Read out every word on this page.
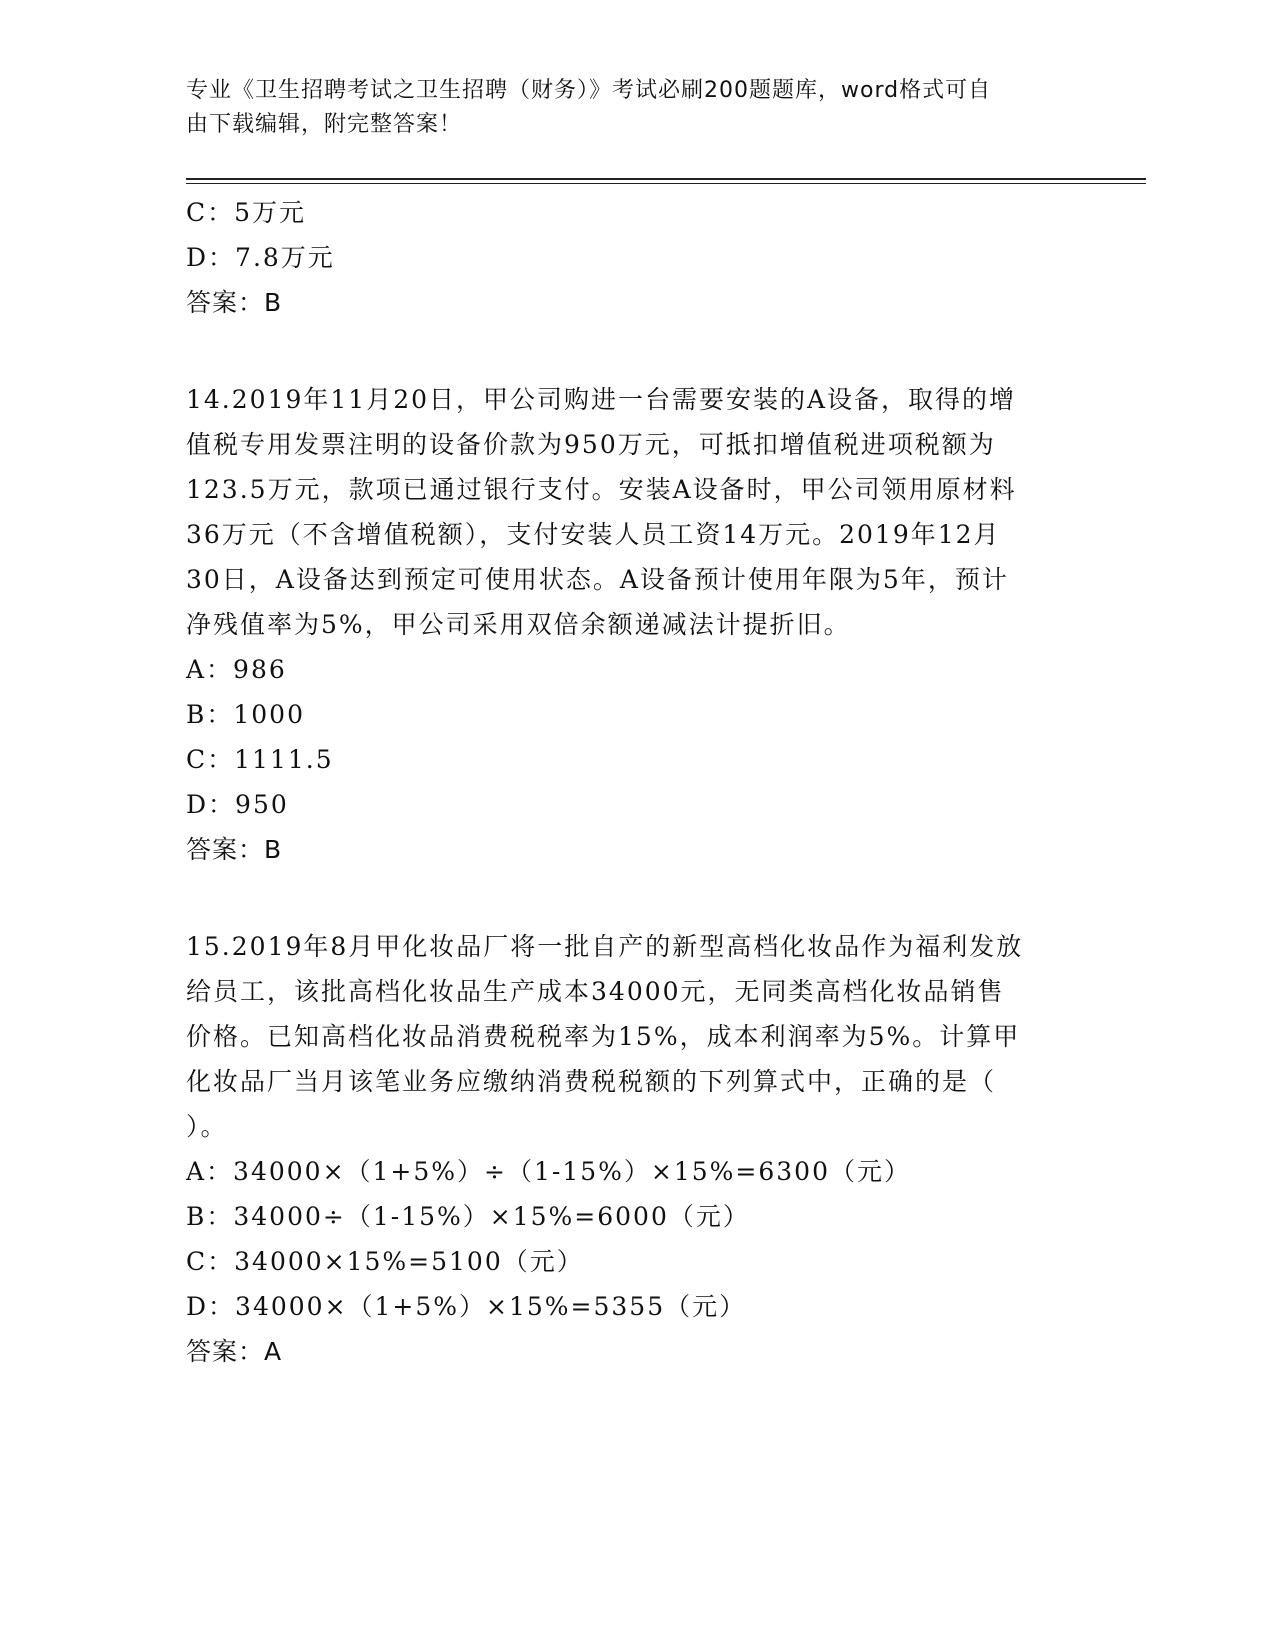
专业《卫生招聘考试之卫生招聘（财务）》考试必刷200题题库，word格式可自
由下载编辑，附完整答案！
C：5万元
D：7.8万元
答案：B
14.2019年11月20日，甲公司购进一台需要安装的A设备，取得的增
值税专用发票注明的设备价款为950万元，可抵扣增值税进项税额为
123.5万元，款项已通过银行支付。安装A设备时，甲公司领用原材料
36万元（不含增值税额），支付安装人员工资14万元。2019年12月
30日，A设备达到预定可使用状态。A设备预计使用年限为5年，预计
净残值率为5%，甲公司采用双倍余额递减法计提折旧。
A：986
B：1000
C：1111.5
D：950
答案：B
15.2019年8月甲化妆品厂将一批自产的新型高档化妆品作为福利发放
给员工，该批高档化妆品生产成本34000元，无同类高档化妆品销售
价格。已知高档化妆品消费税税率为15%，成本利润率为5%。计算甲
化妆品厂当月该笔业务应缴纳消费税税额的下列算式中，正确的是（
）。
A：34000×（1+5%）÷（1-15%）×15%=6300（元）
B：34000÷（1-15%）×15%=6000（元）
C：34000×15%=5100（元）
D：34000×（1+5%）×15%=5355（元）
答案：A
